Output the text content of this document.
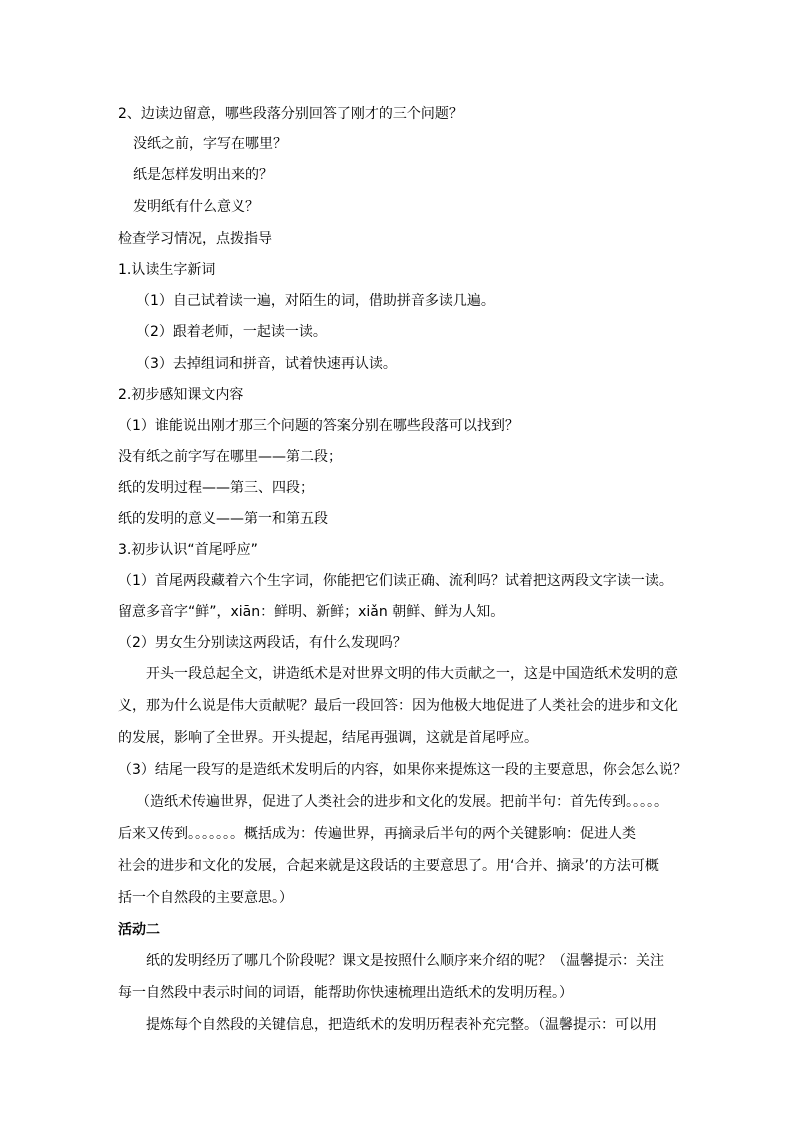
2、边读边留意，哪些段落分别回答了刚才的三个问题？
没纸之前，字写在哪里？
纸是怎样发明出来的？
发明纸有什么意义？
检查学习情况，点拨指导
1.认读生字新词
（1）自己试着读一遍，对陌生的词，借助拼音多读几遍。
（2）跟着老师，一起读一读。
（3）去掉组词和拼音，试着快速再认读。
2.初步感知课文内容
（1）谁能说出刚才那三个问题的答案分别在哪些段落可以找到？
没有纸之前字写在哪里——第二段；
纸的发明过程——第三、四段；
纸的发明的意义——第一和第五段
3.初步认识“首尾呼应”
（1）首尾两段藏着六个生字词，你能把它们读正确、流利吗？试着把这两段文字读一读。
留意多音字“鲜”，xiān：鲜明、新鲜；xiǎn 朝鲜、鲜为人知。
（2）男女生分别读这两段话，有什么发现吗？
开头一段总起全文，讲造纸术是对世界文明的伟大贡献之一，这是中国造纸术发明的意
义，那为什么说是伟大贡献呢？最后一段回答：因为他极大地促进了人类社会的进步和文化
的发展，影响了全世界。开头提起，结尾再强调，这就是首尾呼应。
（3）结尾一段写的是造纸术发明后的内容，如果你来提炼这一段的主要意思，你会怎么说？
（造纸术传遍世界，促进了人类社会的进步和文化的发展。把前半句：首先传到。。。。。
后来又传到。。。。。。。概括成为：传遍世界，再摘录后半句的两个关键影响：促进人类
社会的进步和文化的发展，合起来就是这段话的主要意思了。用‘合并、摘录’的方法可概
括一个自然段的主要意思。）
活动二
纸的发明经历了哪几个阶段呢？课文是按照什么顺序来介绍的呢？（温馨提示：关注
每一自然段中表示时间的词语，能帮助你快速梳理出造纸术的发明历程。）
提炼每个自然段的关键信息，把造纸术的发明历程表补充完整。（温馨提示：可以用
